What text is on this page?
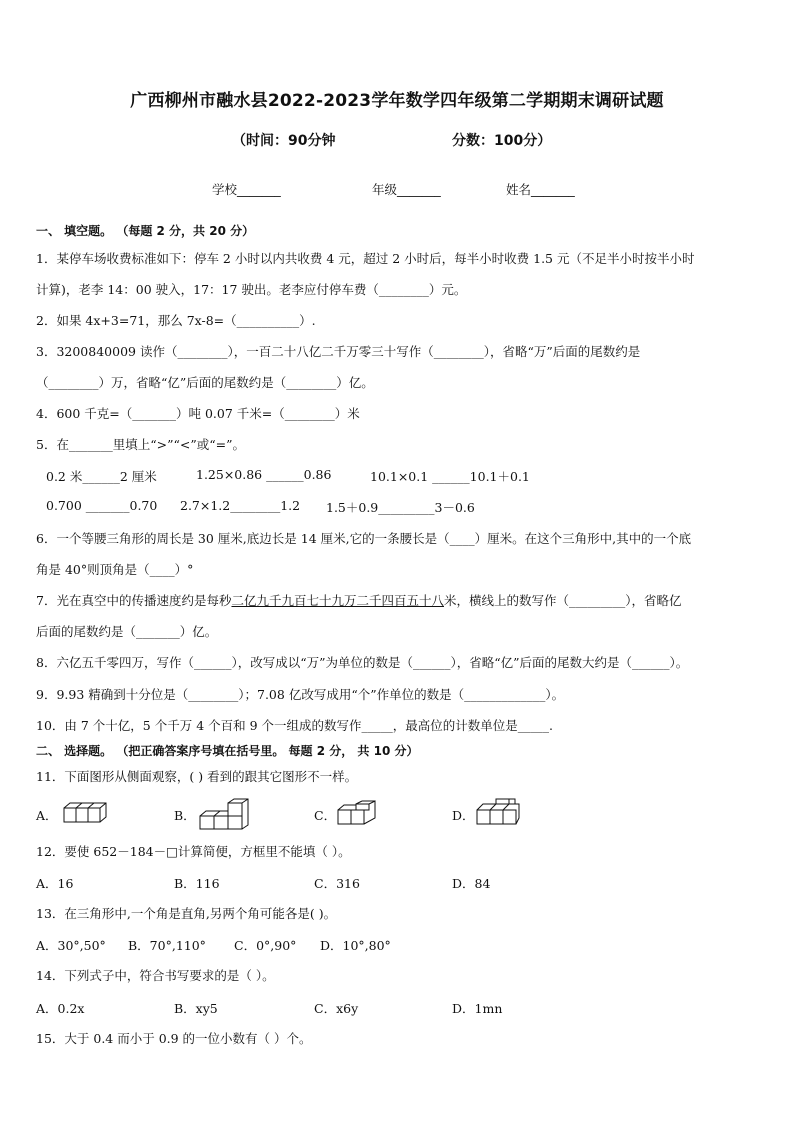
广西柳州市融水县2022-2023学年数学四年级第二学期期末调研试题
（时间：90分钟	分数：100分）
学校_______	年级_______	姓名_______
一、 填空题。 （每题 2 分，共 20 分）
1．某停车场收费标准如下：停车 2 小时以内共收费 4 元，超过 2 小时后，每半小时收费 1.5 元（不足半小时按半小时
计算)，老李 14：00 驶入，17：17 驶出。老李应付停车费（________）元。
2．如果 4x+3=71，那么 7x-8=（__________）.
3．3200840009 读作（________），一百二十八亿二千万零三十写作（________），省略“万”后面的尾数约是
（________）万，省略“亿”后面的尾数约是（________）亿。
4．600 千克=（_______）吨 0.07 千米=（________）米
5．在_______里填上“>”“<”或“=”。
0.2 米______2 厘米	1.25×0.86 ______0.86	10.1×0.1 ______10.1＋0.1
0.700 _______0.70 2.7×1.2________1.2 1.5＋0.9_________3－0.6
6．一个等腰三角形的周长是 30 厘米,底边长是 14 厘米,它的一条腰长是（____）厘米。在这个三角形中,其中的一个底
角是 40°则顶角是（____）°
7．光在真空中的传播速度约是每秒二亿九千九百七十九万二千四百五十八米，横线上的数写作（_________），省略亿
后面的尾数约是（_______）亿。
8．六亿五千零四万，写作（______），改写成以“万”为单位的数是（______），省略“亿”后面的尾数大约是（______）。
9．9.93 精确到十分位是（________）；7.08 亿改写成用“个”作单位的数是（_____________）。
10．由 7 个十亿，5 个千万 4 个百和 9 个一组成的数写作_____，最高位的计数单位是_____.
二、 选择题。 （把正确答案序号填在括号里。 每题 2 分， 共 10 分）
11．下面图形从侧面观察，( ) 看到的跟其它图形不一样。
A．	B．	C．	D．
12．要使 652－184－□计算简便，方框里不能填（ ）。
A．16	B．116	C．316	D．84
13．在三角形中,一个角是直角,另两个角可能各是( )。
A．30°,50° B．70°,110° C．0°,90° D．10°,80°
14．下列式子中，符合书写要求的是（ ）。
A．0.2x	B．xy5	C．x6y	D．1mn
15．大于 0.4 而小于 0.9 的一位小数有（ ）个。
